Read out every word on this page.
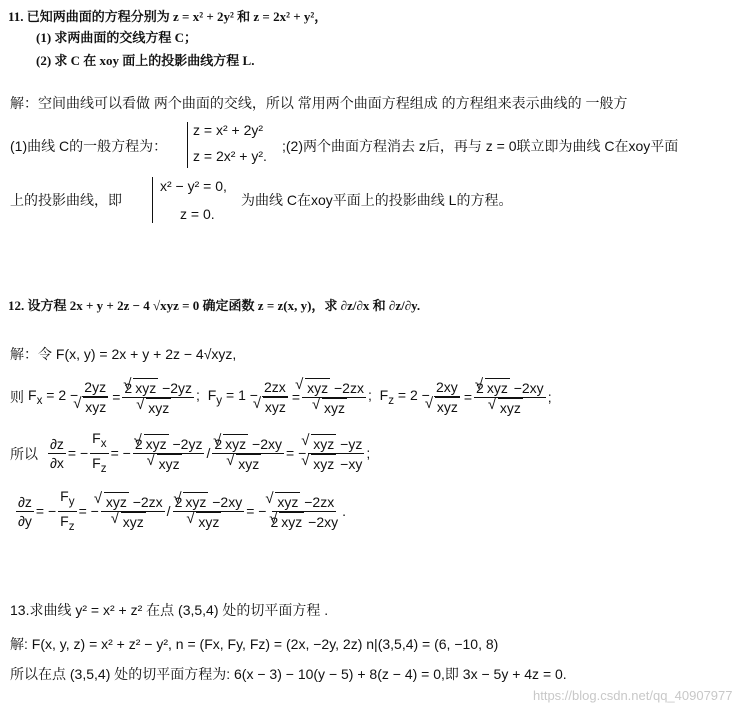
11. 已知两曲面的方程分别为 z = x² + 2y² 和 z = 2x² + y²，
(1) 求两曲面的交线方程 C；
(2) 求 C 在 xoy 面上的投影曲线方程 L.
解：空间曲线可以看做 两个曲面的交线，所以 常用两个曲面方程组成 的方程组来表示曲线的 一般方
(1)曲线 C的一般方程为：
z = x² + 2y²
z = 2x² + y².
;(2)两个曲面方程消去 z后，再与 z = 0联立即为曲线 C在xoy平面
上的投影曲线，即
x² − y² = 0,
z = 0.
为曲线 C在xoy平面上的投影曲线 L的方程。
12. 设方程 2x + y + 2z − 4 √xyz = 0 确定函数 z = z(x, y)，求 ∂z/∂x 和 ∂z/∂y.
解：令 F(x, y) = 2x + y + 2z − 4√xyz,
则 $F_x = 2 - 2yz$
√ xyz = 2 √ xyz −2yz
√ xyz ;  $F_y = 1 - 2zx$
√ xyz = √ xyz −2zx
√ xyz ;  $F_z = 2 - 2xy$
√ xyz = 2 √ xyz −2xy
√ xyz ;
所以 $\frac{\partial z}{\partial x}$ = − $\frac{F_x}{F_z}$ = − 2 √ xyz −2yz
√ xyz / 2 √ xyz −2xy
√ xyz = − √ xyz −yz
√ xyz −xy ;
$\frac{\partial z}{\partial y}$ = − $\frac{F_y}{F_z}$ = − √ xyz −2zx
√ xyz / 2 √ xyz −2xy
√ xyz = − √ $\frac{\text{xyz −2zx}}{\text{2 √ xyz −2xy}}$ .
13.求曲线 y² = x² + z² 在点 (3,5,4) 处的切平面方程 .
解: F(x, y, z) = x² + z² − y², n = (Fx, Fy, Fz) = (2x, −2y, 2z) n|(3,5,4) = (6, −10, 8)
所以在点 (3,5,4) 处的切平面方程为: 6(x − 3) − 10(y − 5) + 8(z − 4) = 0,即 3x − 5y + 4z = 0.
https://blog.csdn.net/qq_40907977
